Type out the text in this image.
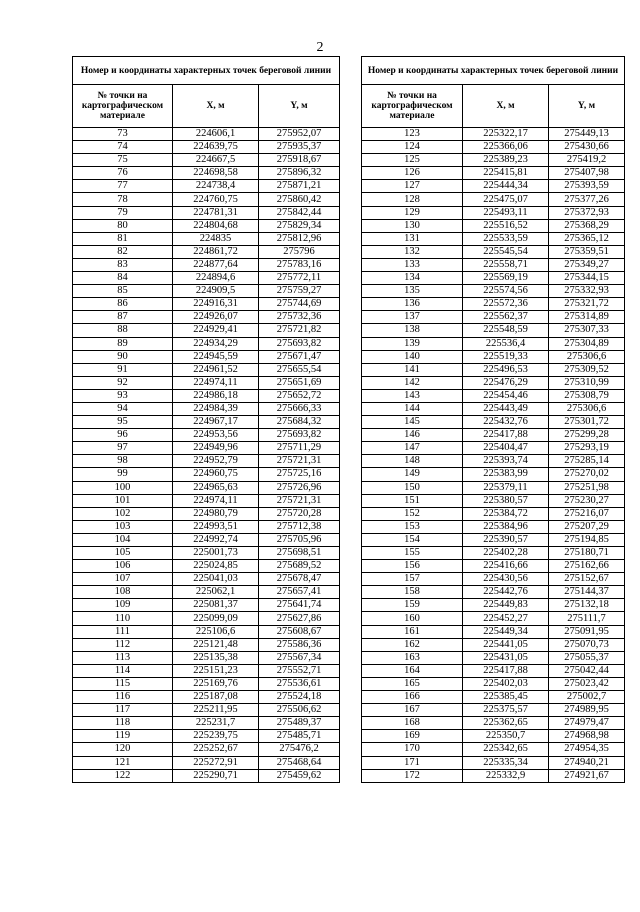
2
Номер и координаты характерных точек береговой линии		
№ точки на картографическом материале	X, м	Y, м
73	224606,1	275952,07
74	224639,75	275935,37
75	224667,5	275918,67
76	224698,58	275896,32
77	224738,4	275871,21
78	224760,75	275860,42
79	224781,31	275842,44
80	224804,68	275829,34
81	224835	275812,96
82	224861,72	275796
83	224877,64	275783,16
84	224894,6	275772,11
85	224909,5	275759,27
86	224916,31	275744,69
87	224926,07	275732,36
88	224929,41	275721,82
89	224934,29	275693,82
90	224945,59	275671,47
91	224961,52	275655,54
92	224974,11	275651,69
93	224986,18	275652,72
94	224984,39	275666,33
95	224967,17	275684,32
96	224953,56	275693,82
97	224949,96	275711,29
98	224952,79	275721,31
99	224960,75	275725,16
100	224965,63	275726,96
101	224974,11	275721,31
102	224980,79	275720,28
103	224993,51	275712,38
104	224992,74	275705,96
105	225001,73	275698,51
106	225024,85	275689,52
107	225041,03	275678,47
108	225062,1	275657,41
109	225081,37	275641,74
110	225099,09	275627,86
111	225106,6	275608,67
112	225121,48	275586,36
113	225135,38	275567,34
114	225151,23	275552,71
115	225169,76	275536,61
116	225187,08	275524,18
117	225211,95	275506,62
118	225231,7	275489,37
119	225239,75	275485,71
120	225252,67	275476,2
121	225272,91	275468,64
122	225290,71	275459,62
Номер и координаты характерных точек береговой линии		
№ точки на картографическом материале	X, м	Y, м
123	225322,17	275449,13
124	225366,06	275430,66
125	225389,23	275419,2
126	225415,81	275407,98
127	225444,34	275393,59
128	225475,07	275377,26
129	225493,11	275372,93
130	225516,52	275368,29
131	225533,59	275365,12
132	225545,54	275359,51
133	225558,71	275349,27
134	225569,19	275344,15
135	225574,56	275332,93
136	225572,36	275321,72
137	225562,37	275314,89
138	225548,59	275307,33
139	225536,4	275304,89
140	225519,33	275306,6
141	225496,53	275309,52
142	225476,29	275310,99
143	225454,46	275308,79
144	225443,49	275306,6
145	225432,76	275301,72
146	225417,88	275299,28
147	225404,47	275293,19
148	225393,74	275285,14
149	225383,99	275270,02
150	225379,11	275251,98
151	225380,57	275230,27
152	225384,72	275216,07
153	225384,96	275207,29
154	225390,57	275194,85
155	225402,28	275180,71
156	225416,66	275162,66
157	225430,56	275152,67
158	225442,76	275144,37
159	225449,83	275132,18
160	225452,27	275111,7
161	225449,34	275091,95
162	225441,05	275070,73
163	225431,05	275055,37
164	225417,88	275042,44
165	225402,03	275023,42
166	225385,45	275002,7
167	225375,57	274989,95
168	225362,65	274979,47
169	225350,7	274968,98
170	225342,65	274954,35
171	225335,34	274940,21
172	225332,9	274921,67
